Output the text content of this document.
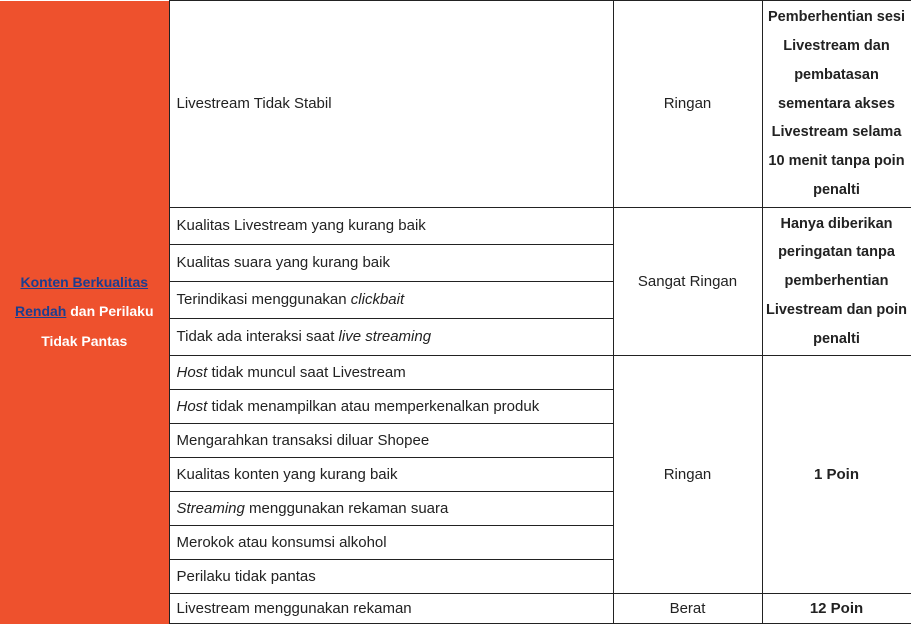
Konten Berkualitas Rendah dan Perilaku Tidak Pantas	Livestream Tidak Stabil	Ringan	Pemberhentian sesi Livestream dan pembatasan sementara akses Livestream selama 10 menit tanpa poin penalti
	Kualitas Livestream yang kurang baik	Sangat Ringan	Hanya diberikan peringatan tanpa pemberhentian Livestream dan poin penalti
	Kualitas suara yang kurang baik		
	Terindikasi menggunakan clickbait		
	Tidak ada interaksi saat live streaming		
	Host tidak muncul saat Livestream	Ringan	1 Poin
	Host tidak menampilkan atau memperkenalkan produk		
	Mengarahkan transaksi diluar Shopee		
	Kualitas konten yang kurang baik		
	Streaming menggunakan rekaman suara		
	Merokok atau konsumsi alkohol		
	Perilaku tidak pantas		
	Livestream menggunakan rekaman	Berat	12 Poin
